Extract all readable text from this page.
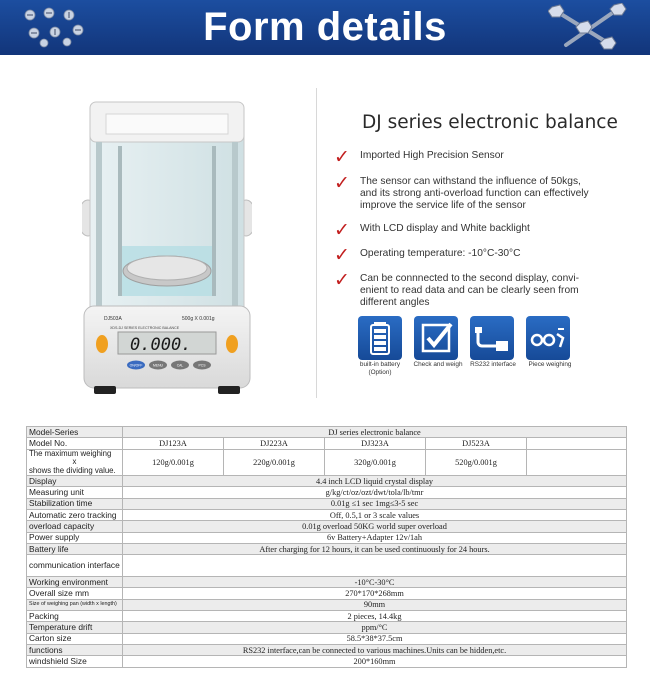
Form details
DJ503A	500g X 0.001g
XDS-DJ SERIES ELECTRONIC BALANCE
0.000.
ON/OFF	MENU	CAL	PCS
DJ series electronic balance
✓ Imported High Precision Sensor
✓ The sensor can withstand the influence of 50kgs, and its strong anti-overload function can effectively improve the service life of the sensor
✓ With LCD display and White backlight
✓ Operating temperature: -10°C-30°C
✓ Can be connnected to the second display, convi-enient to read data and can be clearly seen from different angles
built-in battery (Option)
Check and weigh	RS232 interface	Piece weighing
Model-Series	DJ series electronic balance				
Model No.	DJ123A	DJ223A	DJ323A	DJ523A	

The maximum weighing
x
shows the dividing value.	120g/0.001g	220g/0.001g	320g/0.001g	520g/0.001g	
Display	4.4 inch LCD liquid crystal display				
Measuring unit	g/kg/ct/oz/ozt/dwt/tola/lb/tmr				
Stabilization time	0.01g ≤1 sec 1mg≤3-5 sec				
Automatic zero tracking	Off, 0.5,1 or 3 scale values				
overload capacity	0.01g overload 50KG world super overload				
Power supply	6v Battery+Adapter 12v/1ah				
Battery life	After charging for 12 hours, it can be used continuously for 24 hours.				
communication interface					
Working environment	-10°C-30°C				
Overall size mm	270*170*268mm				
Size of weighing pan (width x length)	90mm				
Packing	2 pieces, 14.4kg				
Temperature drift	ppm/°C				
Carton size	58.5*38*37.5cm				
functions	RS232 interface,can be connected to various machines.Units can be hidden,etc.				
windshield Size	200*160mm				
